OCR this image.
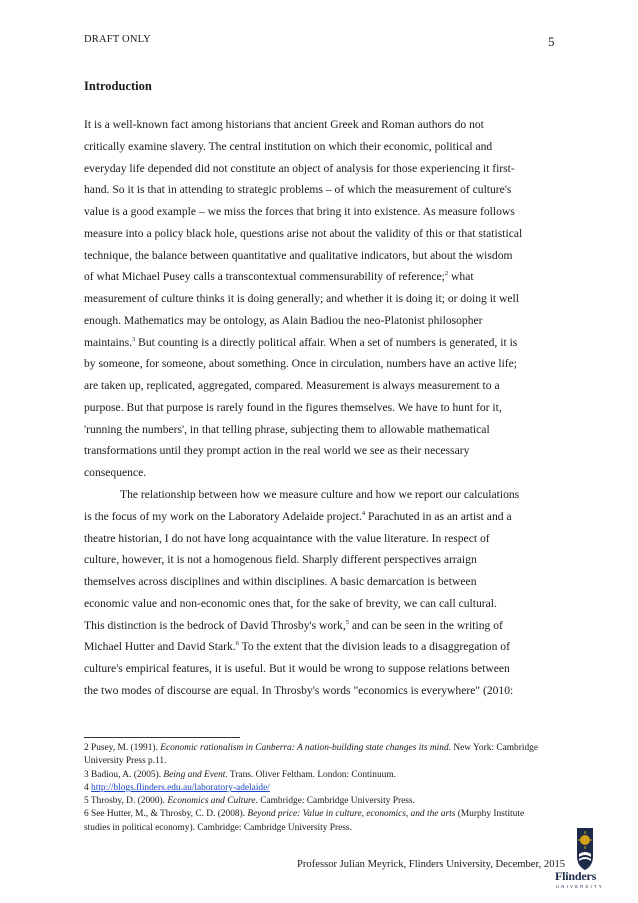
DRAFT ONLY	5
Introduction
It is a well-known fact among historians that ancient Greek and Roman authors do not
critically examine slavery. The central institution on which their economic, political and
everyday life depended did not constitute an object of analysis for those experiencing it first-
hand. So it is that in attending to strategic problems – of which the measurement of culture's
value is a good example – we miss the forces that bring it into existence. As measure follows
measure into a policy black hole, questions arise not about the validity of this or that statistical
technique, the balance between quantitative and qualitative indicators, but about the wisdom
of what Michael Pusey calls a transcontextual commensurability of reference;$^2$ what
measurement of culture thinks it is doing generally; and whether it is doing it; or doing it well
enough. Mathematics may be ontology, as Alain Badiou the neo-Platonist philosopher
maintains.$^3$ But counting is a directly political affair. When a set of numbers is generated, it is
by someone, for someone, about something. Once in circulation, numbers have an active life;
are taken up, replicated, aggregated, compared. Measurement is always measurement to a
purpose. But that purpose is rarely found in the figures themselves. We have to hunt for it,
'running the numbers', in that telling phrase, subjecting them to allowable mathematical
transformations until they prompt action in the real world we see as their necessary
consequence.
The relationship between how we measure culture and how we report our calculations
is the focus of my work on the Laboratory Adelaide project.$^4$ Parachuted in as an artist and a
theatre historian, I do not have long acquaintance with the value literature. In respect of
culture, however, it is not a homogenous field. Sharply different perspectives arraign
themselves across disciplines and within disciplines. A basic demarcation is between
economic value and non-economic ones that, for the sake of brevity, we can call cultural.
This distinction is the bedrock of David Throsby's work,$^5$ and can be seen in the writing of
Michael Hutter and David Stark.$^6$ To the extent that the division leads to a disaggregation of
culture's empirical features, it is useful. But it would be wrong to suppose relations between
the two modes of discourse are equal. In Throsby's words "economics is everywhere" (2010:
2 Pusey, M. (1991). Economic rationalism in Canberra: A nation-building state changes its mind. New York: Cambridge
University Press p.11.
3 Badiou, A. (2005). Being and Event. Trans. Oliver Feltham. London: Continuum.
4 http://blogs.flinders.edu.au/laboratory-adelaide/
5 Throsby, D. (2000). Economics and Culture. Cambridge: Cambridge University Press.
6 See Hutter, M., & Throsby, C. D. (2008). Beyond price: Value in culture, economics, and the arts (Murphy Institute
studies in political economy). Cambridge: Cambridge University Press.
Professor Julian Meyrick, Flinders University, December, 2015
Flinders
UNIVERSITY
